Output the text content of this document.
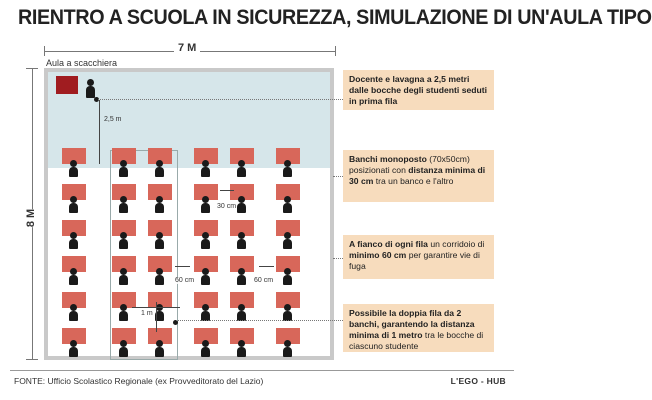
RIENTRO A SCUOLA IN SICUREZZA, SIMULAZIONE DI UN'AULA TIPO
7 M
Aula a scacchiera
8 M
2,5 m
30 cm
60 cm	60 cm
1 m
Docente e lavagna a 2,5 metri dalle bocche degli studenti seduti in prima fila
Banchi monoposto (70x50cm) posizionati con distanza minima di 30 cm tra un banco e l'altro
A fianco di ogni fila un corridoio di minimo 60 cm per garantire vie di fuga
Possibile la doppia fila da 2 banchi, garantendo la distanza minima di 1 metro tra le bocche di ciascuno studente
FONTE: Ufficio Scolastico Regionale (ex Provveditorato del Lazio)	L'EGO - HUB
